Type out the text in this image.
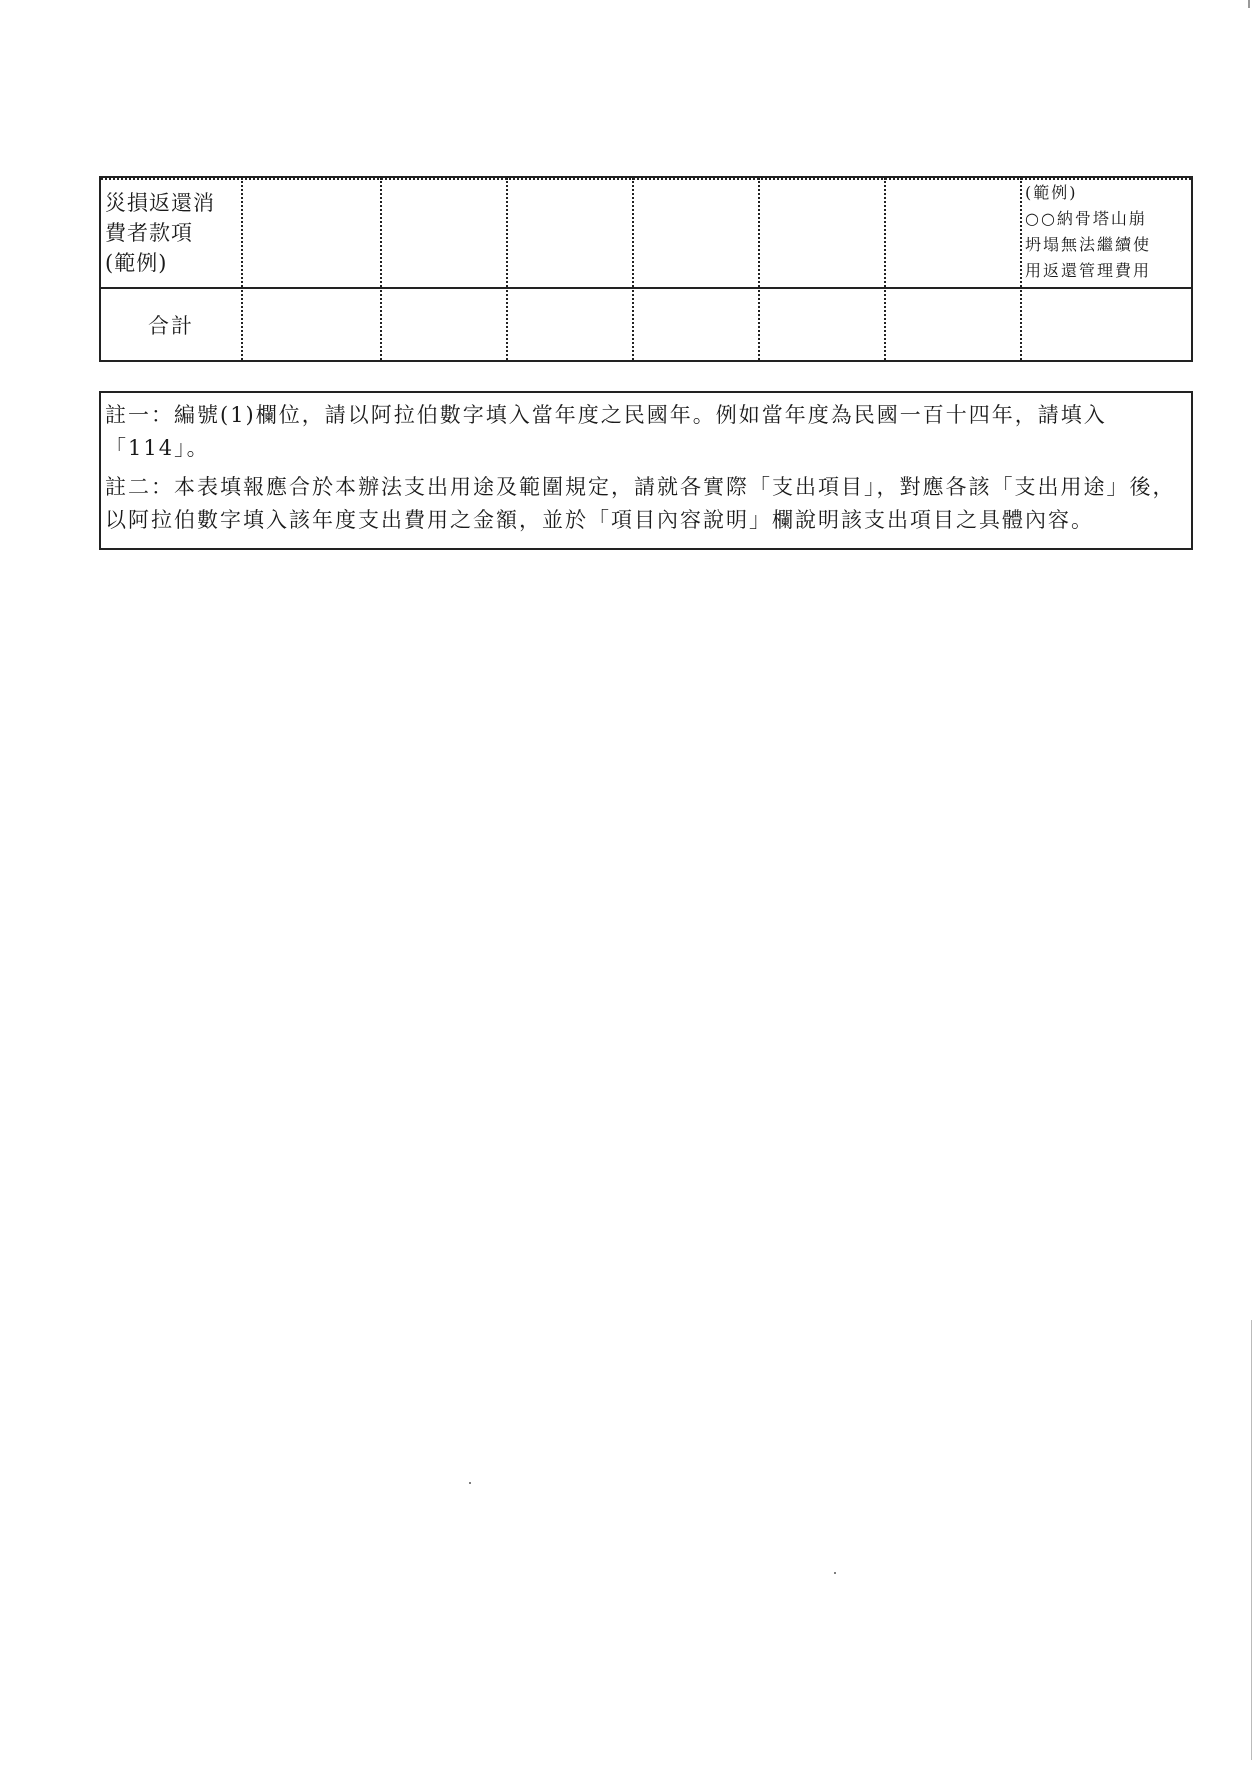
災損返還消
費者款項
(範例)
(範例)
○○納骨塔山崩
坍塌無法繼續使
用返還管理費用
合計

註一：編號(1)欄位，請以阿拉伯數字填入當年度之民國年。例如當年度為民國一百十四年，請填入「114」。

註二：本表填報應合於本辦法支出用途及範圍規定，請就各實際「支出項目」，對應各該「支出用途」後，以阿拉伯數字填入該年度支出費用之金額，並於「項目內容說明」欄說明該支出項目之具體內容。
